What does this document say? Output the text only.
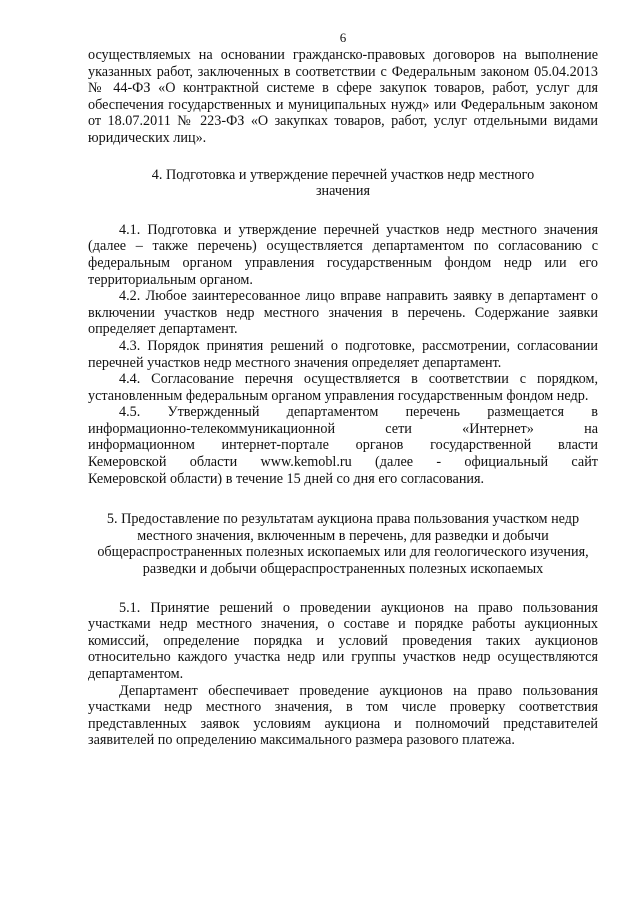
6

осуществляемых на основании гражданско-правовых договоров на выполнение указанных работ, заключенных в соответствии с Федеральным законом 05.04.2013 № 44-ФЗ «О контрактной системе в сфере закупок товаров, работ, услуг для обеспечения государственных и муниципальных нужд» или Федеральным законом от 18.07.2011 № 223-ФЗ «О закупках товаров, работ, услуг отдельными видами юридических лиц».

4. Подготовка и утверждение перечней участков недр местного значения

4.1. Подготовка и утверждение перечней участков недр местного значения (далее – также перечень) осуществляется департаментом по согласованию с федеральным органом управления государственным фондом недр или его территориальным органом.

4.2. Любое заинтересованное лицо вправе направить заявку в департамент о включении участков недр местного значения в перечень. Содержание заявки определяет департамент.

4.3. Порядок принятия решений о подготовке, рассмотрении, согласовании перечней участков недр местного значения определяет департамент.

4.4. Согласование перечня осуществляется в соответствии с порядком, установленным федеральным органом управления государственным фондом недр.

4.5. Утвержденный департаментом перечень размещается в

информационно-телекоммуникационной сети «Интернет» на

информационном интернет-портале органов государственной власти

Кемеровской области www.kemobl.ru (далее - официальный сайт

Кемеровской области) в течение 15 дней со дня его согласования.

5. Предоставление по результатам аукциона права пользования участком недр местного значения, включенным в перечень, для разведки и добычи общераспространенных полезных ископаемых или для геологического изучения, разведки и добычи общераспространенных полезных ископаемых

5.1. Принятие решений о проведении аукционов на право пользования участками недр местного значения, о составе и порядке работы аукционных комиссий, определение порядка и условий проведения таких аукционов относительно каждого участка недр или группы участков недр осуществляются департаментом.

Департамент обеспечивает проведение аукционов на право пользования участками недр местного значения, в том числе проверку соответствия представленных заявок условиям аукциона и полномочий представителей заявителей по определению максимального размера разового платежа.
